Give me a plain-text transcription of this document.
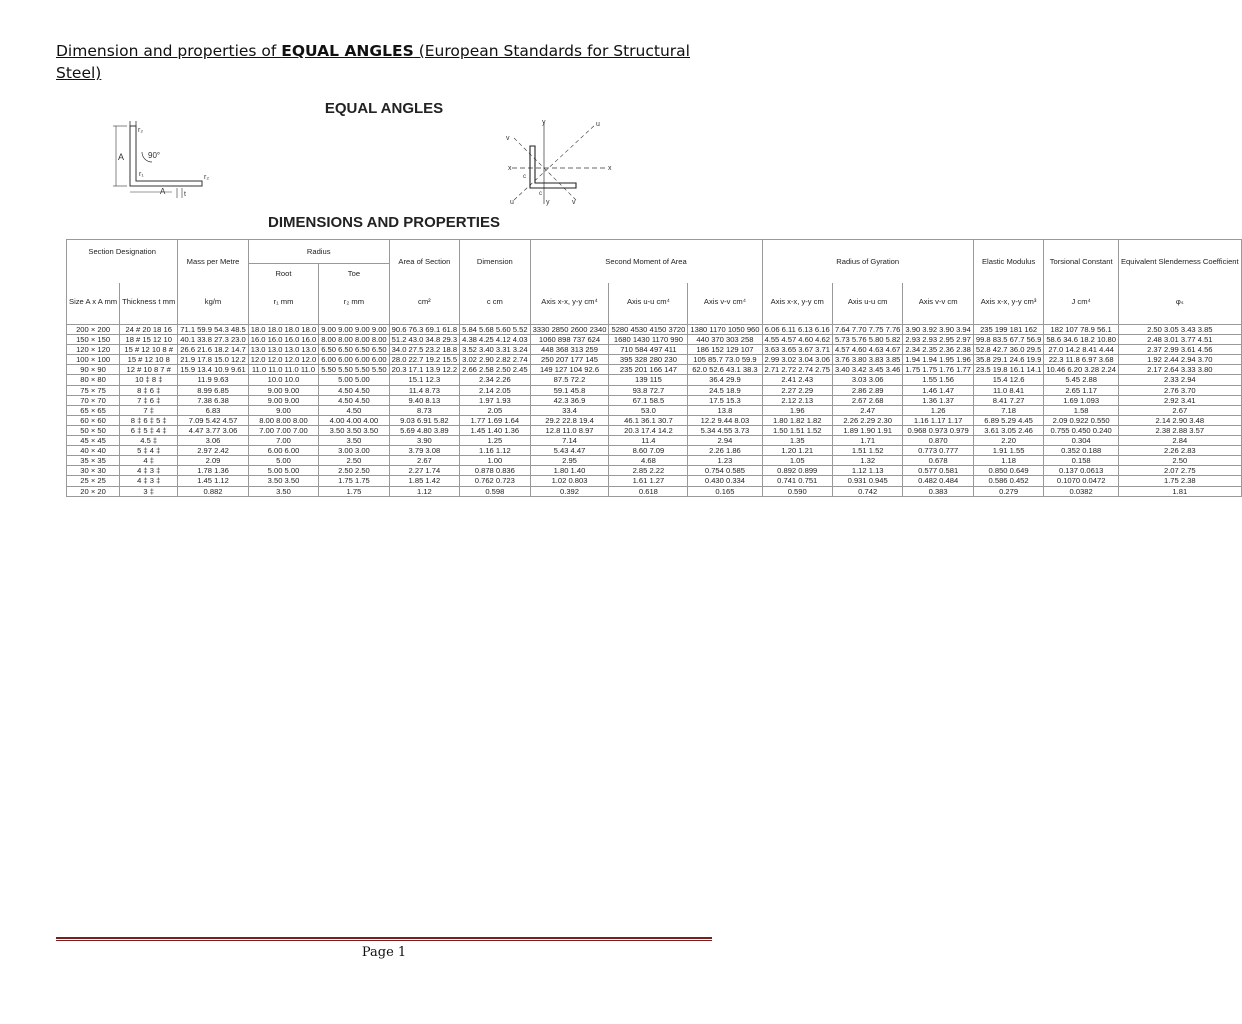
Dimension and properties of EQUAL ANGLES (European Standards for Structural Steel)
EQUAL ANGLES
r₂
90°
r₁	r₂
A
A	t
y	u
v
x
c
x
c
u	v
y
DIMENSIONS AND PROPERTIES
Section Designation		Mass per Metre	Radius		Area of Section	Dimension	Second Moment of Area			Radius of Gyration			Elastic Modulus	Torsional Constant	Equivalent Slenderness Coefficient
			Root	Toe											
Size A x A mm	Thickness t mm	kg/m	r₁ mm	r₂ mm	cm²	c cm	Axis x-x, y-y cm⁴	Axis u-u cm⁴	Axis v-v cm⁴	Axis x-x, y-y cm	Axis u-u cm	Axis v-v cm	Axis x-x, y-y cm³	J cm⁴	φₛ
200 × 200	24 # 20 18 16	71.1 59.9 54.3 48.5	18.0 18.0 18.0 18.0	9.00 9.00 9.00 9.00	90.6 76.3 69.1 61.8	5.84 5.68 5.60 5.52	3330 2850 2600 2340	5280 4530 4150 3720	1380 1170 1050 960	6.06 6.11 6.13 6.16	7.64 7.70 7.75 7.76	3.90 3.92 3.90 3.94	235 199 181 162	182 107 78.9 56.1	2.50 3.05 3.43 3.85
150 × 150	18 # 15 12 10	40.1 33.8 27.3 23.0	16.0 16.0 16.0 16.0	8.00 8.00 8.00 8.00	51.2 43.0 34.8 29.3	4.38 4.25 4.12 4.03	1060 898 737 624	1680 1430 1170 990	440 370 303 258	4.55 4.57 4.60 4.62	5.73 5.76 5.80 5.82	2.93 2.93 2.95 2.97	99.8 83.5 67.7 56.9	58.6 34.6 18.2 10.80	2.48 3.01 3.77 4.51
120 × 120	15 # 12 10 8 #	26.6 21.6 18.2 14.7	13.0 13.0 13.0 13.0	6.50 6.50 6.50 6.50	34.0 27.5 23.2 18.8	3.52 3.40 3.31 3.24	448 368 313 259	710 584 497 411	186 152 129 107	3.63 3.65 3.67 3.71	4.57 4.60 4.63 4.67	2.34 2.35 2.36 2.38	52.8 42.7 36.0 29.5	27.0 14.2 8.41 4.44	2.37 2.99 3.61 4.56
100 × 100	15 # 12 10 8	21.9 17.8 15.0 12.2	12.0 12.0 12.0 12.0	6.00 6.00 6.00 6.00	28.0 22.7 19.2 15.5	3.02 2.90 2.82 2.74	250 207 177 145	395 328 280 230	105 85.7 73.0 59.9	2.99 3.02 3.04 3.06	3.76 3.80 3.83 3.85	1.94 1.94 1.95 1.96	35.8 29.1 24.6 19.9	22.3 11.8 6.97 3.68	1.92 2.44 2.94 3.70
90 × 90	12 # 10 8 7 #	15.9 13.4 10.9 9.61	11.0 11.0 11.0 11.0	5.50 5.50 5.50 5.50	20.3 17.1 13.9 12.2	2.66 2.58 2.50 2.45	149 127 104 92.6	235 201 166 147	62.0 52.6 43.1 38.3	2.71 2.72 2.74 2.75	3.40 3.42 3.45 3.46	1.75 1.75 1.76 1.77	23.5 19.8 16.1 14.1	10.46 6.20 3.28 2.24	2.17 2.64 3.33 3.80
80 × 80	10 ‡ 8 ‡	11.9 9.63	10.0 10.0	5.00 5.00	15.1 12.3	2.34 2.26	87.5 72.2	139 115	36.4 29.9	2.41 2.43	3.03 3.06	1.55 1.56	15.4 12.6	5.45 2.88	2.33 2.94
75 × 75	8 ‡ 6 ‡	8.99 6.85	9.00 9.00	4.50 4.50	11.4 8.73	2.14 2.05	59.1 45.8	93.8 72.7	24.5 18.9	2.27 2.29	2.86 2.89	1.46 1.47	11.0 8.41	2.65 1.17	2.76 3.70
70 × 70	7 ‡ 6 ‡	7.38 6.38	9.00 9.00	4.50 4.50	9.40 8.13	1.97 1.93	42.3 36.9	67.1 58.5	17.5 15.3	2.12 2.13	2.67 2.68	1.36 1.37	8.41 7.27	1.69 1.093	2.92 3.41
65 × 65	7 ‡	6.83	9.00	4.50	8.73	2.05	33.4	53.0	13.8	1.96	2.47	1.26	7.18	1.58	2.67
60 × 60	8 ‡ 6 ‡ 5 ‡	7.09 5.42 4.57	8.00 8.00 8.00	4.00 4.00 4.00	9.03 6.91 5.82	1.77 1.69 1.64	29.2 22.8 19.4	46.1 36.1 30.7	12.2 9.44 8.03	1.80 1.82 1.82	2.26 2.29 2.30	1.16 1.17 1.17	6.89 5.29 4.45	2.09 0.922 0.550	2.14 2.90 3.48
50 × 50	6 ‡ 5 ‡ 4 ‡	4.47 3.77 3.06	7.00 7.00 7.00	3.50 3.50 3.50	5.69 4.80 3.89	1.45 1.40 1.36	12.8 11.0 8.97	20.3 17.4 14.2	5.34 4.55 3.73	1.50 1.51 1.52	1.89 1.90 1.91	0.968 0.973 0.979	3.61 3.05 2.46	0.755 0.450 0.240	2.38 2.88 3.57
45 × 45	4.5 ‡	3.06	7.00	3.50	3.90	1.25	7.14	11.4	2.94	1.35	1.71	0.870	2.20	0.304	2.84
40 × 40	5 ‡ 4 ‡	2.97 2.42	6.00 6.00	3.00 3.00	3.79 3.08	1.16 1.12	5.43 4.47	8.60 7.09	2.26 1.86	1.20 1.21	1.51 1.52	0.773 0.777	1.91 1.55	0.352 0.188	2.26 2.83
35 × 35	4 ‡	2.09	5.00	2.50	2.67	1.00	2.95	4.68	1.23	1.05	1.32	0.678	1.18	0.158	2.50
30 × 30	4 ‡ 3 ‡	1.78 1.36	5.00 5.00	2.50 2.50	2.27 1.74	0.878 0.836	1.80 1.40	2.85 2.22	0.754 0.585	0.892 0.899	1.12 1.13	0.577 0.581	0.850 0.649	0.137 0.0613	2.07 2.75
25 × 25	4 ‡ 3 ‡	1.45 1.12	3.50 3.50	1.75 1.75	1.85 1.42	0.762 0.723	1.02 0.803	1.61 1.27	0.430 0.334	0.741 0.751	0.931 0.945	0.482 0.484	0.586 0.452	0.1070 0.0472	1.75 2.38
20 × 20	3 ‡	0.882	3.50	1.75	1.12	0.598	0.392	0.618	0.165	0.590	0.742	0.383	0.279	0.0382	1.81
Page 1
